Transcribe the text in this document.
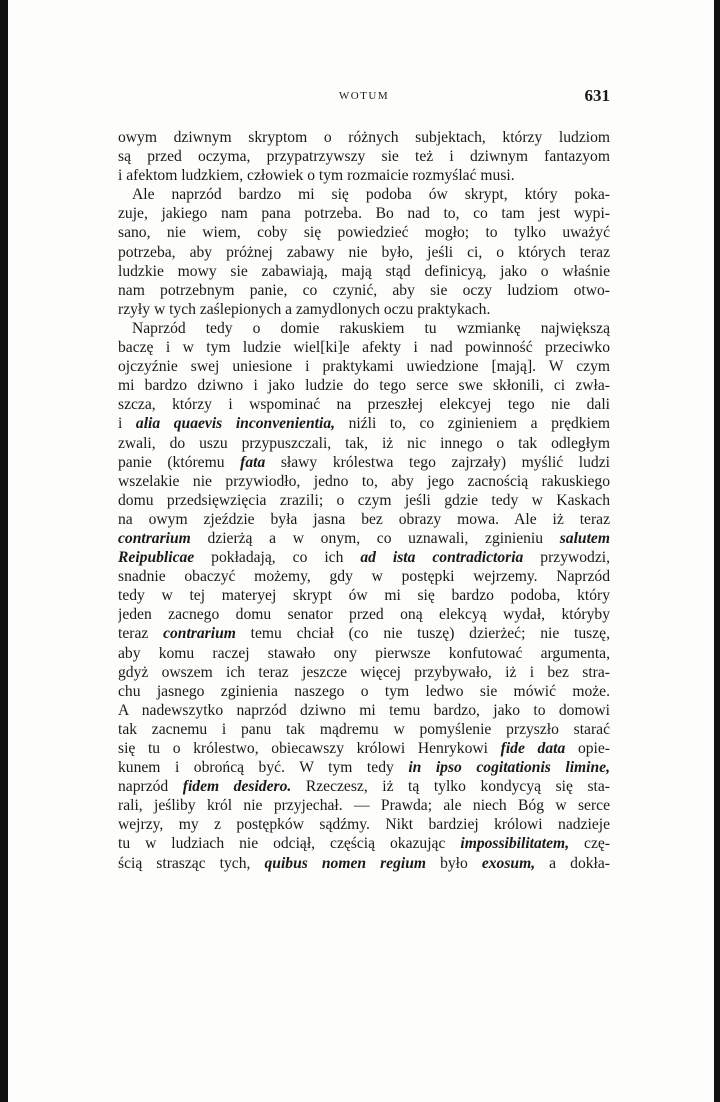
WOTUM	631
owym dziwnym skryptom o różnych subjektach, którzy ludziom
są przed oczyma, przypatrzywszy sie też i dziwnym fantazyom
i afektom ludzkiem, człowiek o tym rozmaicie rozmyślać musi.
Ale naprzód bardzo mi się podoba ów skrypt, który poka-
zuje, jakiego nam pana potrzeba. Bo nad to, co tam jest wypi-
sano, nie wiem, coby się powiedzieć mogło; to tylko uważyć
potrzeba, aby próżnej zabawy nie było, jeśli ci, o których teraz
ludzkie mowy sie zabawiają, mają stąd definicyą, jako o właśnie
nam potrzebnym panie, co czynić, aby sie oczy ludziom otwo-
rzyły w tych zaślepionych a zamydlonych oczu praktykach.
Naprzód tedy o domie rakuskiem tu wzmiankę największą
baczę i w tym ludzie wiel[ki]e afekty i nad powinność przeciwko
ojczyźnie swej uniesione i praktykami uwiedzione [mają]. W czym
mi bardzo dziwno i jako ludzie do tego serce swe skłonili, ci zwła-
szcza, którzy i wspominać na przeszłej elekcyej tego nie dali
i alia quaevis inconvenientia, niźli to, co zginieniem a prędkiem
zwali, do uszu przypuszczali, tak, iż nic innego o tak odległym
panie (któremu fata sławy królestwa tego zajrzały) myślić ludzi
wszelakie nie przywiodło, jedno to, aby jego zacnością rakuskiego
domu przedsięwzięcia zrazili; o czym jeśli gdzie tedy w Kaskach
na owym zjeździe była jasna bez obrazy mowa. Ale iż teraz
contrarium dzierżą a w onym, co uznawali, zginieniu salutem
Reipublicae pokładają, co ich ad ista contradictoria przywodzi,
snadnie obaczyć możemy, gdy w postępki wejrzemy. Naprzód
tedy w tej materyej skrypt ów mi się bardzo podoba, który
jeden zacnego domu senator przed oną elekcyą wydał, któryby
teraz contrarium temu chciał (co nie tuszę) dzierżeć; nie tuszę,
aby komu raczej stawało ony pierwsze konfutować argumenta,
gdyż owszem ich teraz jeszcze więcej przybywało, iż i bez stra-
chu jasnego zginienia naszego o tym ledwo sie mówić może.
A nadewszytko naprzód dziwno mi temu bardzo, jako to domowi
tak zacnemu i panu tak mądremu w pomyślenie przyszło starać
się tu o królestwo, obiecawszy królowi Henrykowi fide data opie-
kunem i obrońcą być. W tym tedy in ipso cogitationis limine,
naprzód fidem desidero. Rzeczesz, iż tą tylko kondycyą się sta-
rali, jeśliby król nie przyjechał. — Prawda; ale niech Bóg w serce
wejrzy, my z postępków sądźmy. Nikt bardziej królowi nadzieje
tu w ludziach nie odciął, częścią okazując impossibilitatem, czę-
ścią strasząc tych, quibus nomen regium było exosum, a dokła-
